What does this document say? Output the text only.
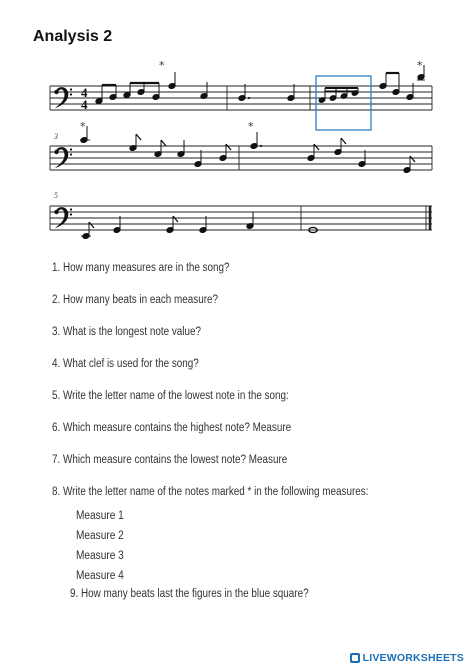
Analysis 2
4
4
*	*
*	*
3
5
1. How many measures are in the song?
2. How many beats in each measure?
3. What is the longest note value?
4. What clef is used for the song?
5. Write the letter name of the lowest note in the song:
6. Which measure contains the highest note? Measure
7. Which measure contains the lowest note? Measure
8. Write the letter name of the notes marked * in the following measures:
Measure 1
Measure 2
Measure 3
Measure 4
9. How many beats last the figures in the blue square?
LIVEWORKSHEETS
